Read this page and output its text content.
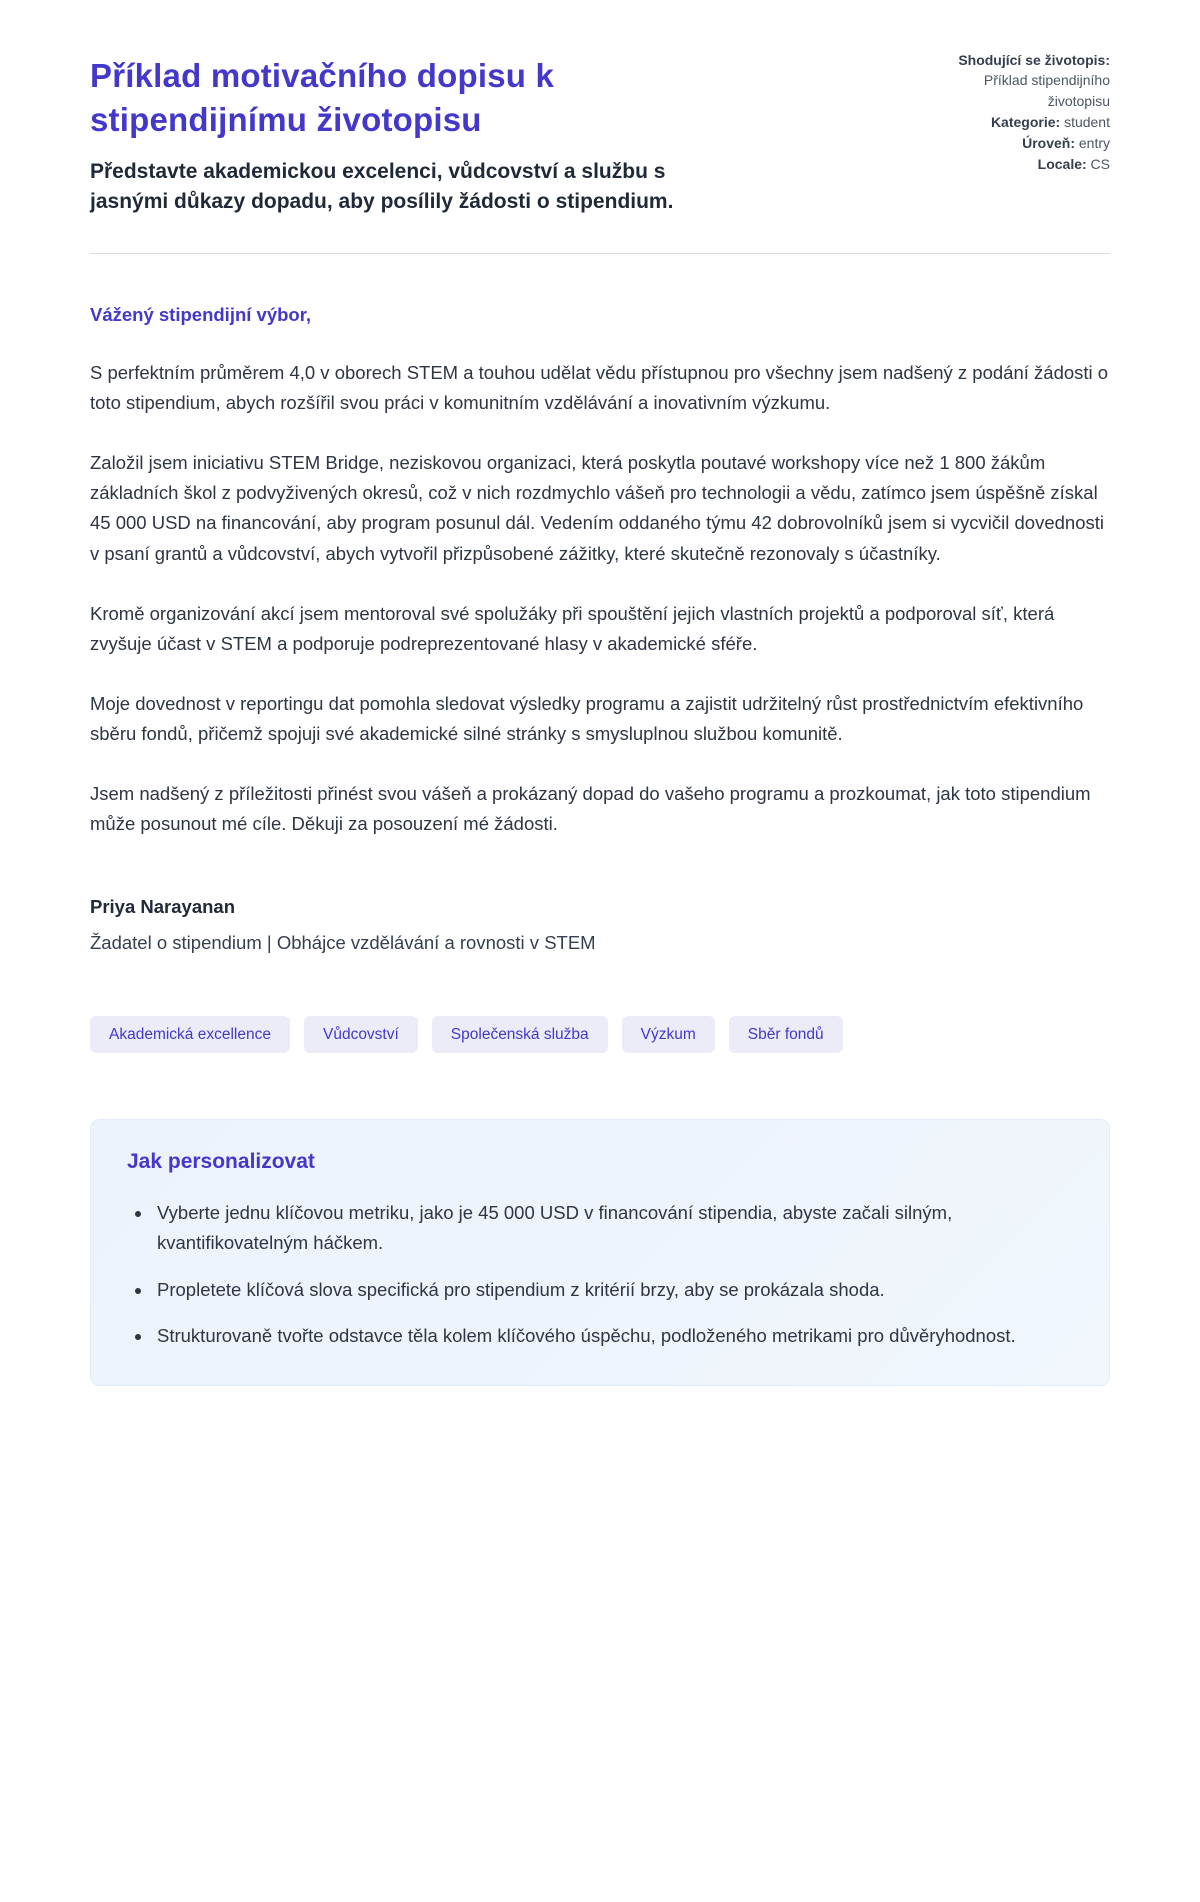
Příklad motivačního dopisu k stipendijnímu životopisu

Představte akademickou excelenci, vůdcovství a službu s jasnými důkazy dopadu, aby posílily žádosti o stipendium.

Shodující se životopis: Příklad stipendijního životopisu
Kategorie: student
Úroveň: entry
Locale: CS

Vážený stipendijní výbor,

S perfektním průměrem 4,0 v oborech STEM a touhou udělat vědu přístupnou pro všechny jsem nadšený z podání žádosti o toto stipendium, abych rozšířil svou práci v komunitním vzdělávání a inovativním výzkumu.

Založil jsem iniciativu STEM Bridge, neziskovou organizaci, která poskytla poutavé workshopy více než 1 800 žákům základních škol z podvyživených okresů, což v nich rozdmychlo vášeň pro technologii a vědu, zatímco jsem úspěšně získal 45 000 USD na financování, aby program posunul dál. Vedením oddaného týmu 42 dobrovolníků jsem si vycvičil dovednosti v psaní grantů a vůdcovství, abych vytvořil přizpůsobené zážitky, které skutečně rezonovaly s účastníky.

Kromě organizování akcí jsem mentoroval své spolužáky při spouštění jejich vlastních projektů a podporoval síť, která zvyšuje účast v STEM a podporuje podreprezentované hlasy v akademické sféře.

Moje dovednost v reportingu dat pomohla sledovat výsledky programu a zajistit udržitelný růst prostřednictvím efektivního sběru fondů, přičemž spojuji své akademické silné stránky s smysluplnou službou komunitě.

Jsem nadšený z příležitosti přinést svou vášeň a prokázaný dopad do vašeho programu a prozkoumat, jak toto stipendium může posunout mé cíle. Děkuji za posouzení mé žádosti.

Priya Narayanan

Žadatel o stipendium | Obhájce vzdělávání a rovnosti v STEM

Akademická excellence	Vůdcovství	Společenská služba	Výzkum	Sběr fondů
Jak personalizovat
• Vyberte jednu klíčovou metriku, jako je 45 000 USD v financování stipendia, abyste začali silným, kvantifikovatelným háčkem.
• Propletete klíčová slova specifická pro stipendium z kritérií brzy, aby se prokázala shoda.
• Strukturovaně tvořte odstavce těla kolem klíčového úspěchu, podloženého metrikami pro důvěryhodnost.
